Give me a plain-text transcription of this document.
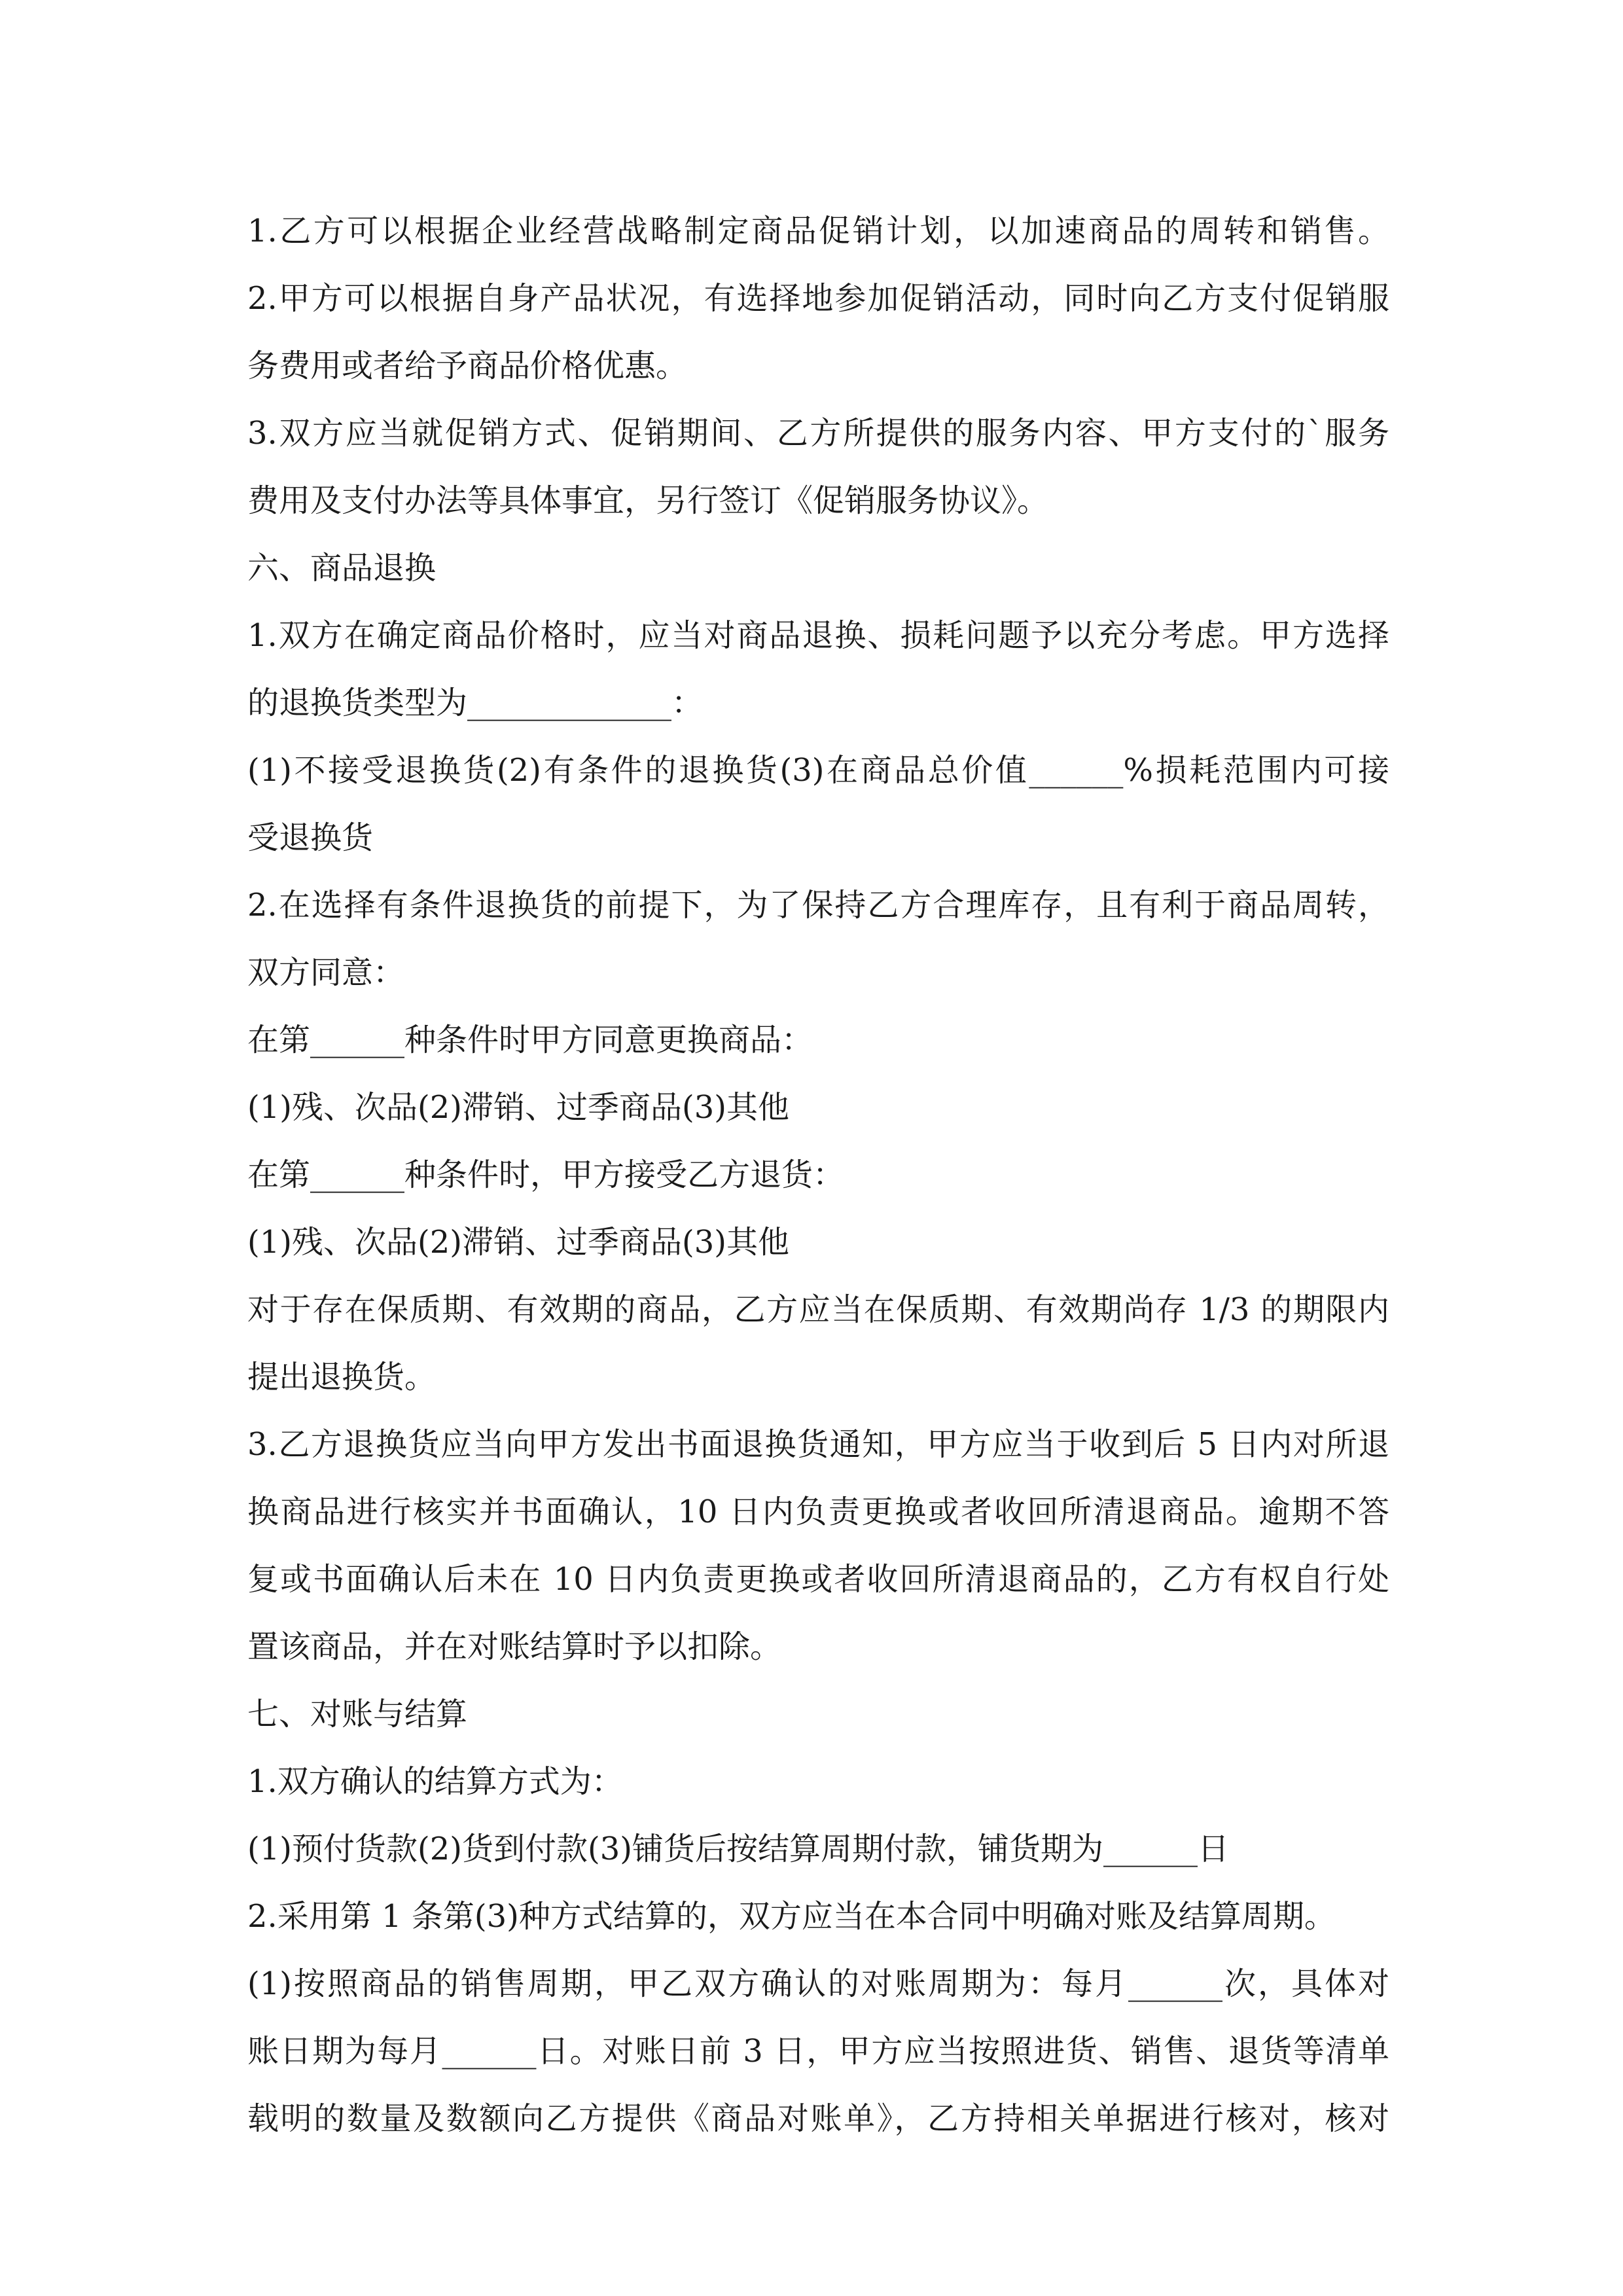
1.乙方可以根据企业经营战略制定商品促销计划，以加速商品的周转和销售。
2.甲方可以根据自身产品状况，有选择地参加促销活动，同时向乙方支付促销服
务费用或者给予商品价格优惠。
3.双方应当就促销方式、促销期间、乙方所提供的服务内容、甲方支付的`服务
费用及支付办法等具体事宜，另行签订《促销服务协议》。
六、商品退换
1.双方在确定商品价格时，应当对商品退换、损耗问题予以充分考虑。甲方选择
的退换货类型为_____________：
(1)不接受退换货(2)有条件的退换货(3)在商品总价值______%损耗范围内可接
受退换货
2.在选择有条件退换货的前提下，为了保持乙方合理库存，且有利于商品周转，
双方同意：
在第______种条件时甲方同意更换商品：
(1)残、次品(2)滞销、过季商品(3)其他
在第______种条件时，甲方接受乙方退货：
(1)残、次品(2)滞销、过季商品(3)其他
对于存在保质期、有效期的商品，乙方应当在保质期、有效期尚存 1/3 的期限内
提出退换货。
3.乙方退换货应当向甲方发出书面退换货通知，甲方应当于收到后 5 日内对所退
换商品进行核实并书面确认，10 日内负责更换或者收回所清退商品。逾期不答
复或书面确认后未在 10 日内负责更换或者收回所清退商品的，乙方有权自行处
置该商品，并在对账结算时予以扣除。
七、对账与结算
1.双方确认的结算方式为：
(1)预付货款(2)货到付款(3)铺货后按结算周期付款，铺货期为______日
2.采用第 1 条第(3)种方式结算的，双方应当在本合同中明确对账及结算周期。
(1)按照商品的销售周期，甲乙双方确认的对账周期为：每月______次，具体对
账日期为每月______日。对账日前 3 日，甲方应当按照进货、销售、退货等清单
载明的数量及数额向乙方提供《商品对账单》，乙方持相关单据进行核对，核对
